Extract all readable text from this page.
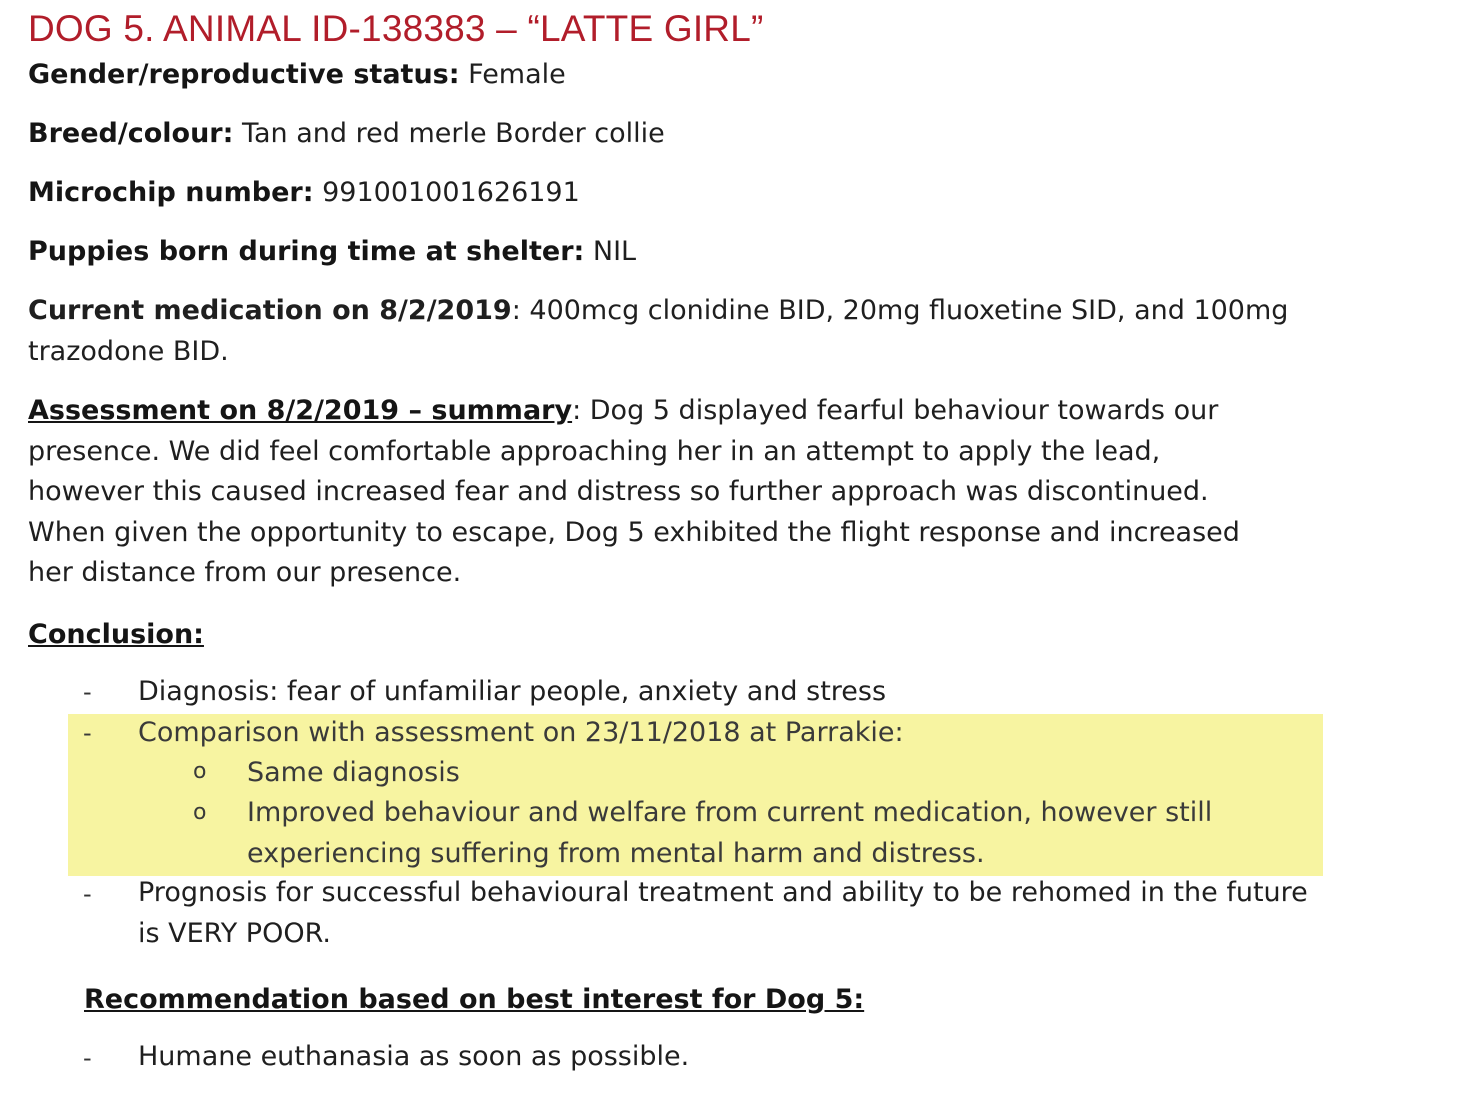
DOG 5. ANIMAL ID-138383 – “LATTE GIRL”
Gender/reproductive status: Female
Breed/colour: Tan and red merle Border collie
Microchip number: 991001001626191
Puppies born during time at shelter: NIL
Current medication on 8/2/2019: 400mcg clonidine BID, 20mg fluoxetine SID, and 100mg
trazodone BID.
Assessment on 8/2/2019 – summary: Dog 5 displayed fearful behaviour towards our
presence. We did feel comfortable approaching her in an attempt to apply the lead,
however this caused increased fear and distress so further approach was discontinued.
When given the opportunity to escape, Dog 5 exhibited the flight response and increased
her distance from our presence.
Conclusion:
- Diagnosis: fear of unfamiliar people, anxiety and stress
- Comparison with assessment on 23/11/2018 at Parrakie:
o Same diagnosis
o Improved behaviour and welfare from current medication, however still
experiencing suffering from mental harm and distress.
- Prognosis for successful behavioural treatment and ability to be rehomed in the future
is VERY POOR.
Recommendation based on best interest for Dog 5:
- Humane euthanasia as soon as possible.
